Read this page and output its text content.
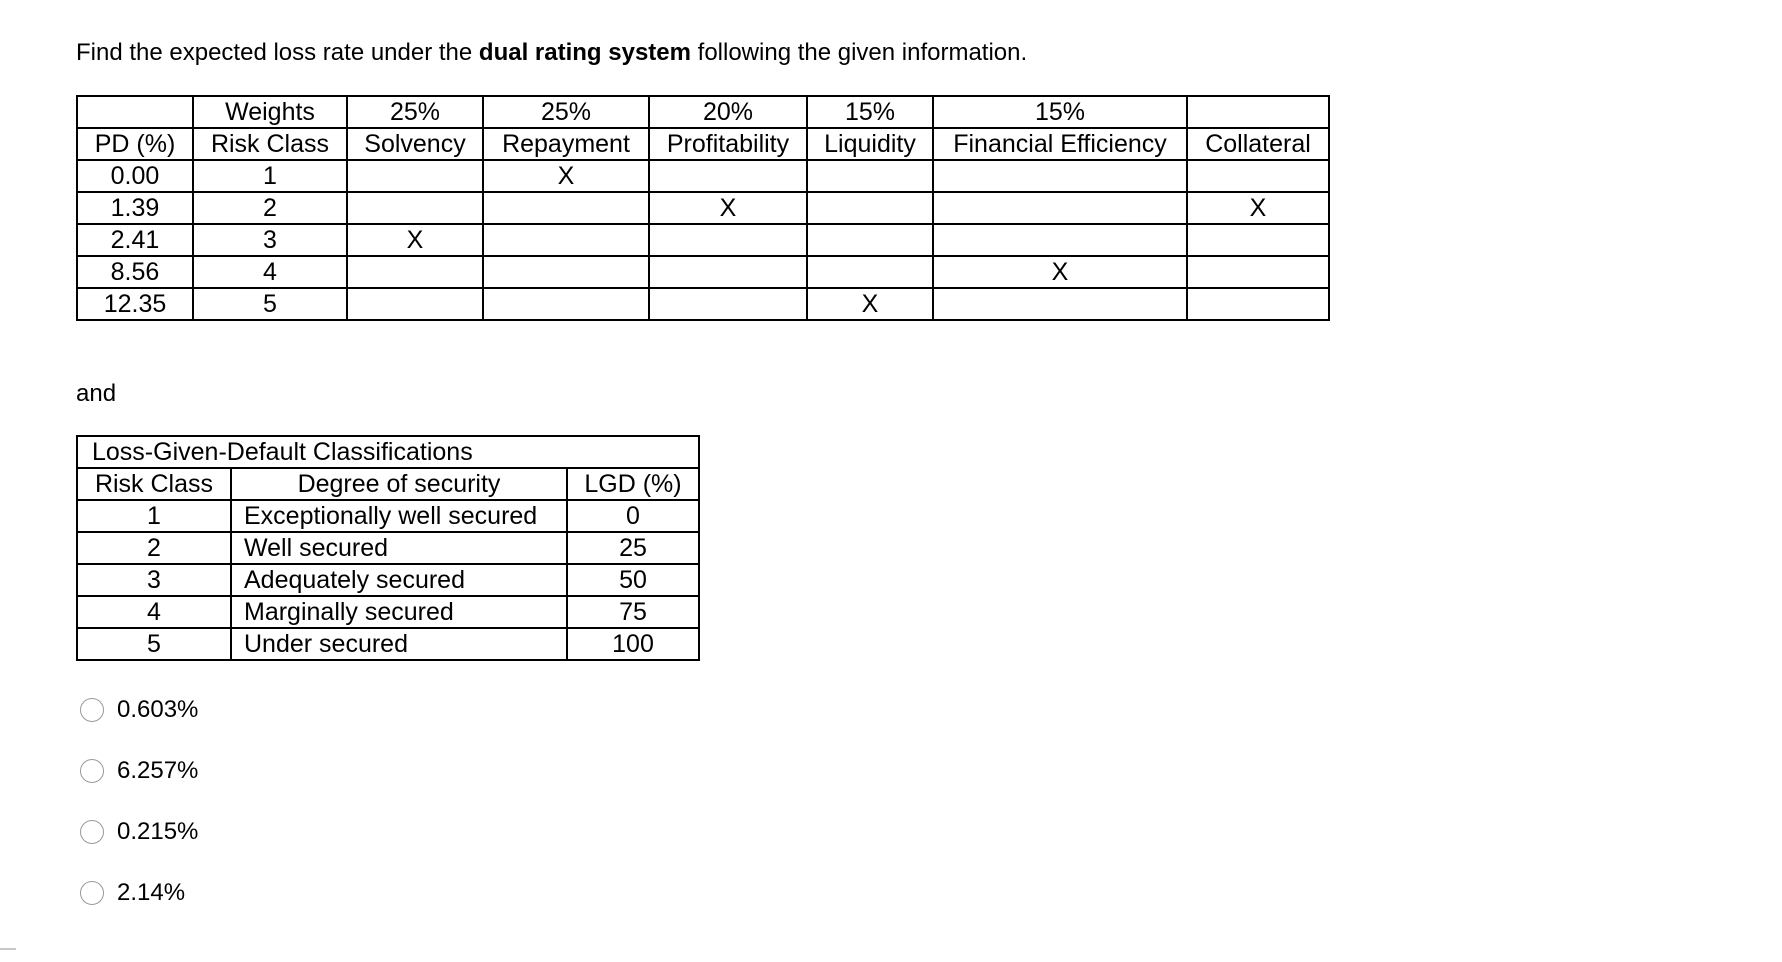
Find the expected loss rate under the dual rating system following the given information.
	Weights	25%	25%	20%	15%	15%	
PD (%)	Risk Class	Solvency	Repayment	Profitability	Liquidity	Financial Efficiency	Collateral
0.00	1		X				
1.39	2			X			X
2.41	3	X					
8.56	4					X	
12.35	5				X		
and
Loss-Given-Default Classifications		
Risk Class	Degree of security	LGD (%)
1	Exceptionally well secured	0
2	Well secured	25
3	Adequately secured	50
4	Marginally secured	75
5	Under secured	100
0.603%
6.257%
0.215%
2.14%
